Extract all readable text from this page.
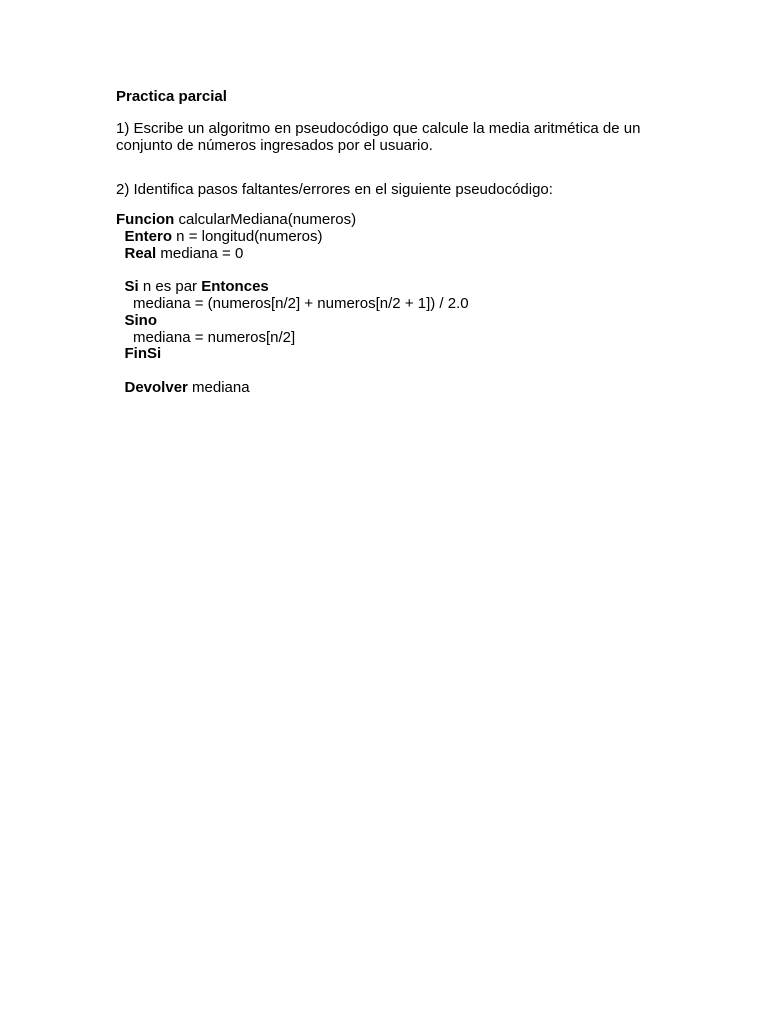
Practica parcial
1) Escribe un algoritmo en pseudocódigo que calcule la media aritmética de un conjunto de números ingresados por el usuario.
2) Identifica pasos faltantes/errores en el siguiente pseudocódigo:
Funcion calcularMediana(numeros)
Entero n = longitud(numeros)
Real mediana = 0
Si n es par Entonces
mediana = (numeros[n/2] + numeros[n/2 + 1]) / 2.0
Sino
mediana = numeros[n/2]
FinSi
Devolver mediana
